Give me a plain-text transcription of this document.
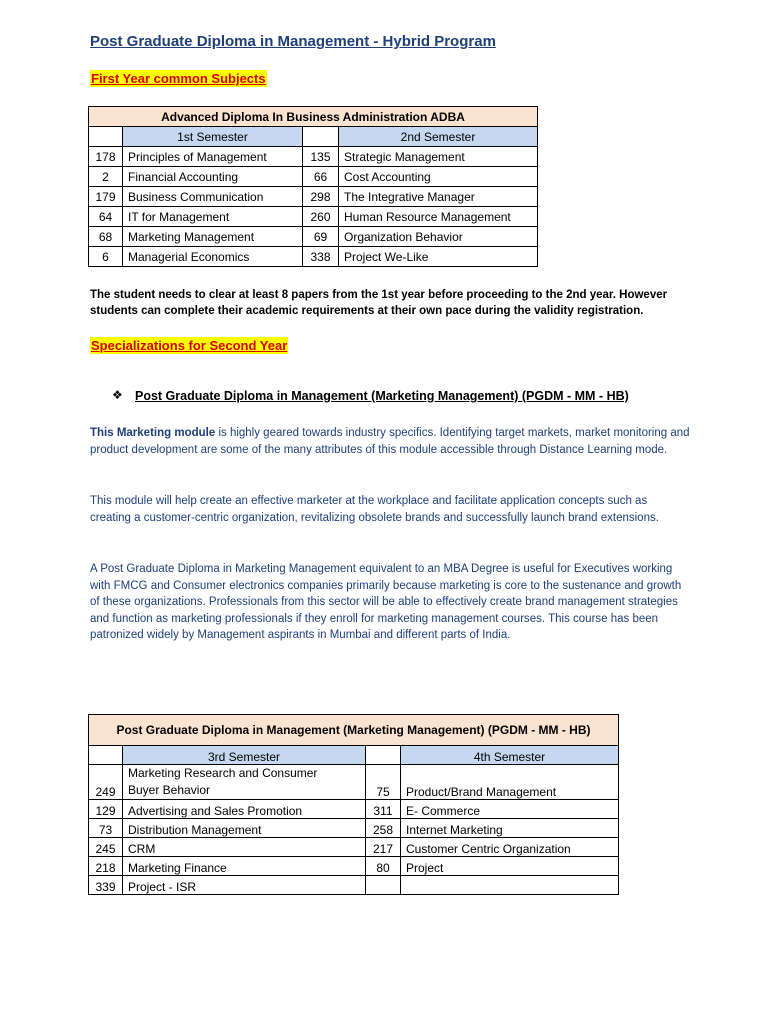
Post Graduate Diploma in Management - Hybrid Program
First Year common Subjects
Advanced Diploma In Business Administration ADBA			
	1st Semester		2nd Semester
178	Principles of Management	135	Strategic Management
2	Financial Accounting	66	Cost Accounting
179	Business Communication	298	The Integrative Manager
64	IT for Management	260	Human Resource Management
68	Marketing Management	69	Organization Behavior
6	Managerial Economics	338	Project We-Like
The student needs to clear at least 8 papers from the 1st year before proceeding to the 2nd year. However students can complete their academic requirements at their own pace during the validity registration.
Specializations for Second Year
❖ Post Graduate Diploma in Management (Marketing Management) (PGDM - MM - HB)
This Marketing module is highly geared towards industry specifics. Identifying target markets, market monitoring and product development are some of the many attributes of this module accessible through Distance Learning mode.
This module will help create an effective marketer at the workplace and facilitate application concepts such as creating a customer-centric organization, revitalizing obsolete brands and successfully launch brand extensions.
A Post Graduate Diploma in Marketing Management equivalent to an MBA Degree is useful for Executives working with FMCG and Consumer electronics companies primarily because marketing is core to the sustenance and growth of these organizations. Professionals from this sector will be able to effectively create brand management strategies and function as marketing professionals if they enroll for marketing management courses. This course has been patronized widely by Management aspirants in Mumbai and different parts of India.
Post Graduate Diploma in Management (Marketing Management) (PGDM - MM - HB)			
	3rd Semester		4th Semester
249	Marketing Research and Consumer
Buyer Behavior	75	Product/Brand Management
129	Advertising and Sales Promotion	311	E- Commerce
73	Distribution Management	258	Internet Marketing
245	CRM	217	Customer Centric Organization
218	Marketing Finance	80	Project
339	Project - ISR		
